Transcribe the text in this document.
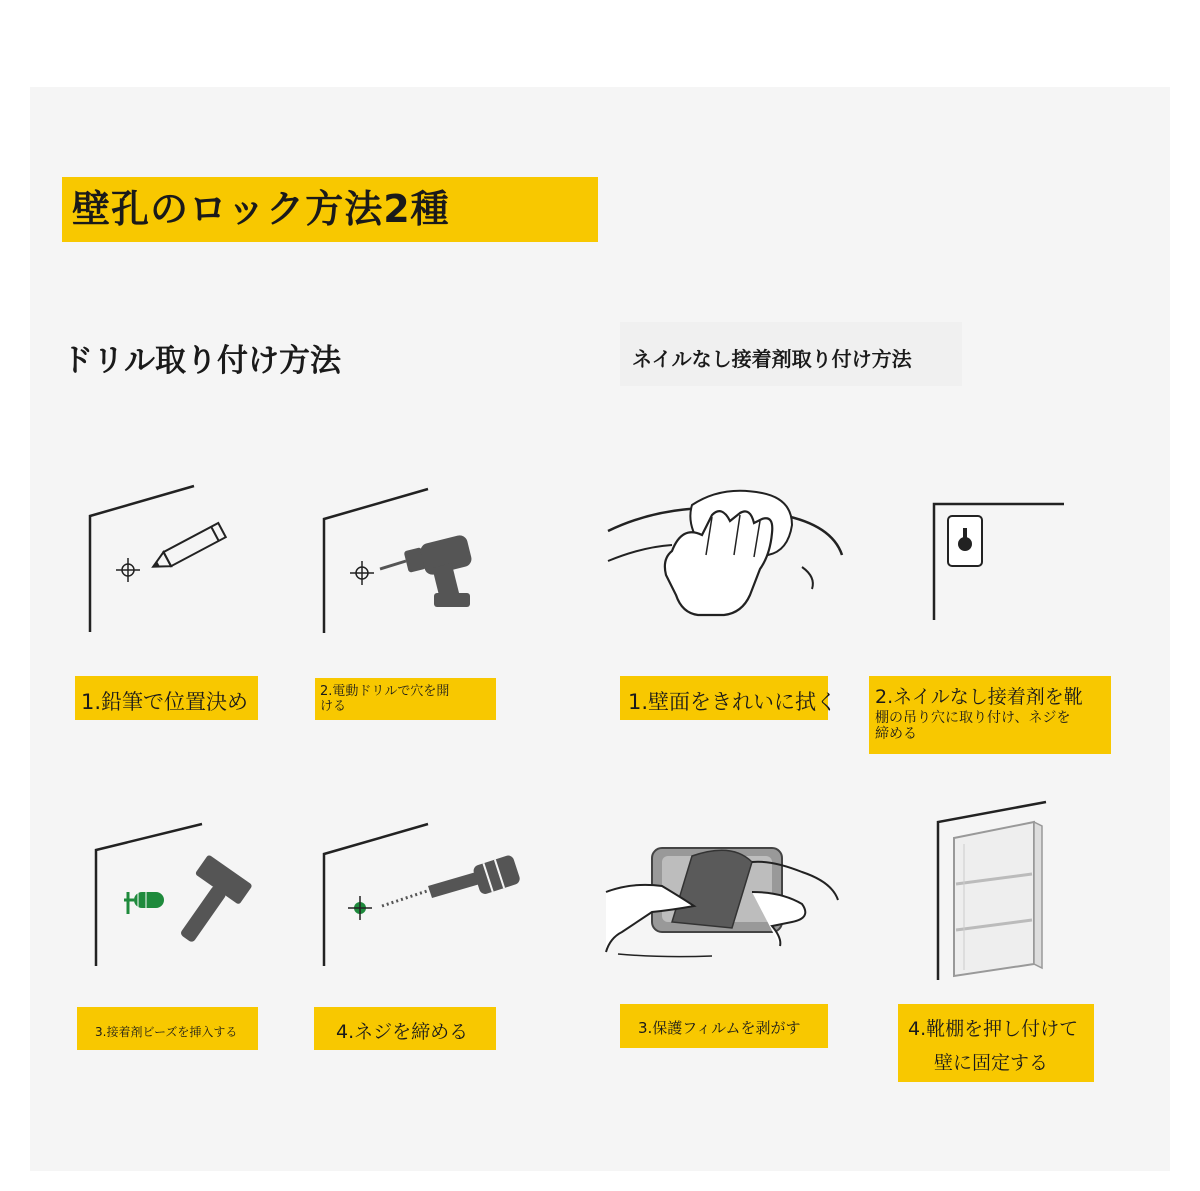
壁孔のロック方法2種
ドリル取り付け方法	ネイルなし接着剤取り付け方法
1.鉛筆で位置決め	2.電動ドリルで穴を開
ける	1.壁面をきれいに拭く 2.ネイルなし接着剤を靴
棚の吊り穴に取り付け、ネジを
締める
3.接着剤ビーズを挿入する	4.ネジを締める	3.保護フィルムを剥がす	4.靴棚を押し付けて
壁に固定する
